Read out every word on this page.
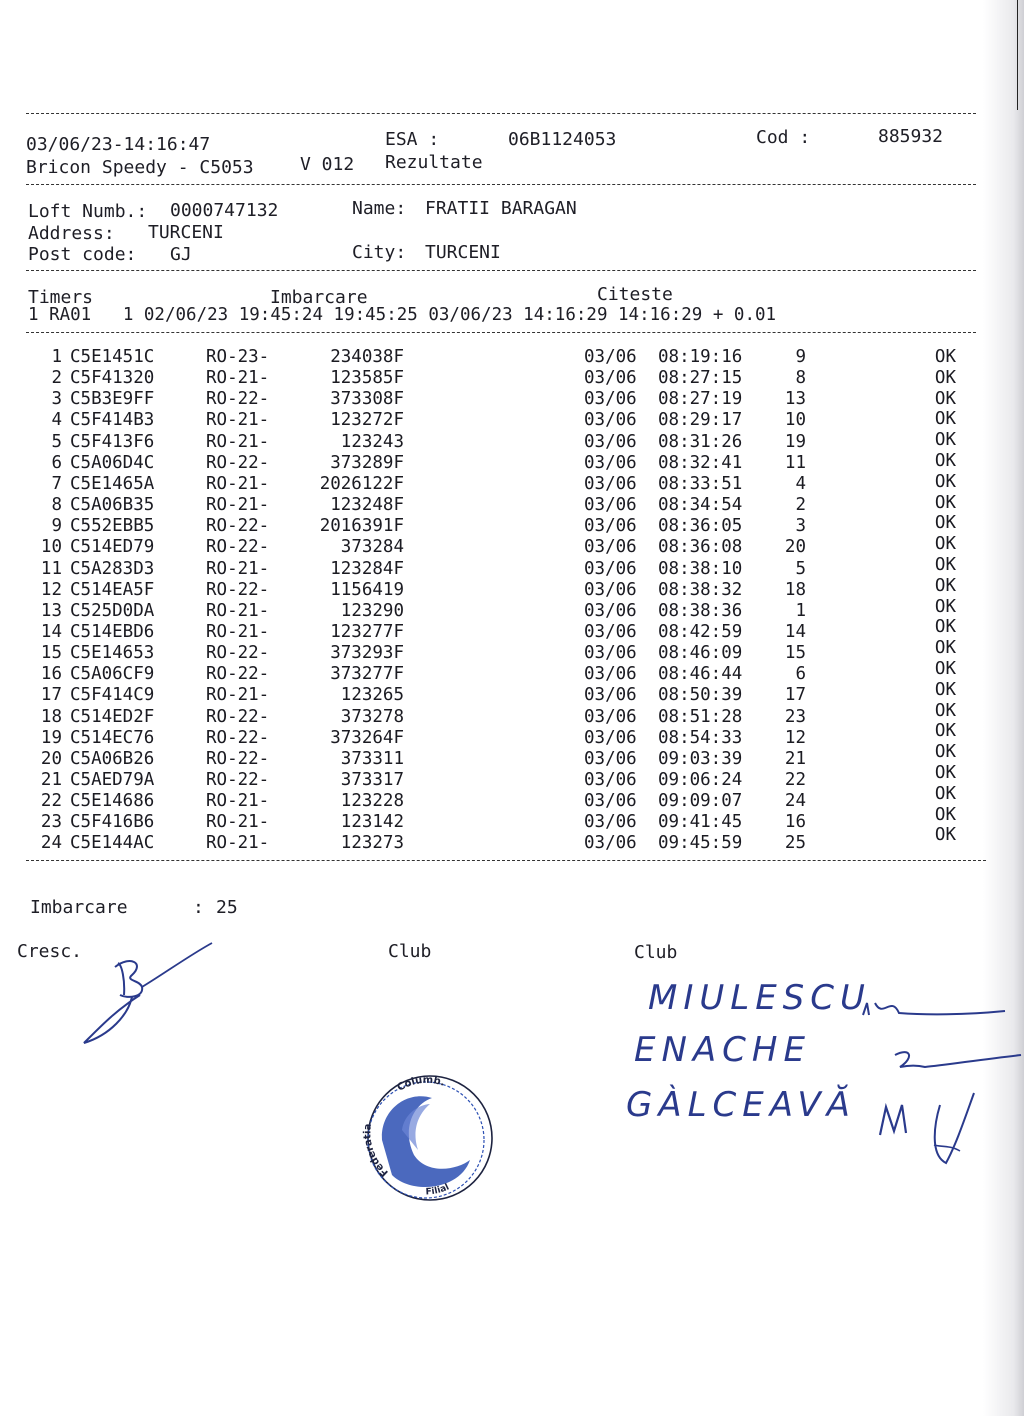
03/06/23-14:16:47	ESA :	06B1124053	Cod :	885932
Bricon Speedy - C5053	V 012 Rezultate
Loft Numb.: 0000747132	Name: FRATII BARAGAN
Address: TURCENI
Post code: GJ	City: TURCENI
Timers	Imbarcare	Citeste
1 RA01   1 02/06/23 19:45:24 19:45:25 03/06/23 14:16:29 14:16:29 + 0.01
1 C5E1451C	RO-23-	234038F	03/06 08:19:16	9	OK
2 C5F41320	RO-21-	123585F	03/06 08:27:15	8	OK
3 C5B3E9FF	RO-22-	373308F	03/06 08:27:19	13	OK
4 C5F414B3	RO-21-	123272F	03/06 08:29:17	10	OK
5 C5F413F6	RO-21-	123243	03/06 08:31:26	19	OK
6 C5A06D4C	RO-22-	373289F	03/06 08:32:41	11	OK
7 C5E1465A	RO-21-	2026122F	03/06 08:33:51	4	OK
8 C5A06B35	RO-21-	123248F	03/06 08:34:54	2	OK
9 C552EBB5	RO-22-	2016391F	03/06 08:36:05	3	OK
10 C514ED79	RO-22-	373284	03/06 08:36:08	20	OK
11 C5A283D3	RO-21-	123284F	03/06 08:38:10	5	OK
12 C514EA5F	RO-22-	1156419	03/06 08:38:32	18	OK
13 C525D0DA	RO-21-	123290	03/06 08:38:36	1	OK
14 C514EBD6	RO-21-	123277F	03/06 08:42:59	14	OK
15 C5E14653	RO-22-	373293F	03/06 08:46:09	15	OK
16 C5A06CF9	RO-22-	373277F	03/06 08:46:44	6	OK
17 C5F414C9	RO-21-	123265	03/06 08:50:39	17	OK
18 C514ED2F	RO-22-	373278	03/06 08:51:28	23	OK
19 C514EC76	RO-22-	373264F	03/06 08:54:33	12	OK
20 C5A06B26	RO-22-	373311	03/06 09:03:39	21	OK
21 C5AED79A	RO-22-	373317	03/06 09:06:24	22	OK
22 C5E14686	RO-21-	123228	03/06 09:09:07	24	OK
23 C5F416B6	RO-21-	123142	03/06 09:41:45	16	OK
24 C5E144AC	RO-21-	123273	03/06 09:45:59	25	OK
Imbarcare	: 25
Cresc.	Club	Club
MIULESCU
ENACHE
GÀLCEAVĂ
Columb.
Federatia
Filial
